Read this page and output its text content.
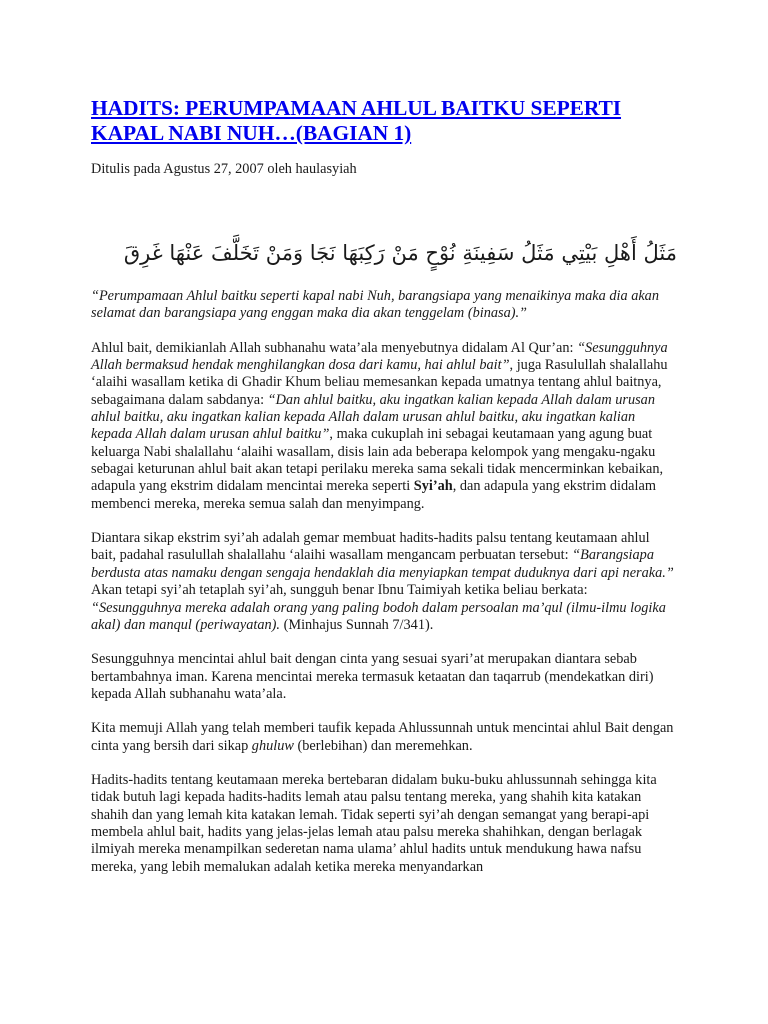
HADITS: PERUMPAMAAN AHLUL BAITKU SEPERTI KAPAL NABI NUH…(BAGIAN 1)
Ditulis pada Agustus 27, 2007 oleh haulasyiah
مَثَلُ أَهْلِ بَيْتِي مَثَلُ سَفِينَةِ نُوْحٍ مَنْ رَكِبَهَا نَجَا وَمَنْ تَخَلَّفَ عَنْهَا غَرِقَ

“Perumpamaan Ahlul baitku seperti kapal nabi Nuh, barangsiapa yang menaikinya maka dia akan selamat dan barangsiapa yang enggan maka dia akan tenggelam (binasa).”

Ahlul bait, demikianlah Allah subhanahu wata’ala menyebutnya didalam Al Qur’an: “Sesungguhnya Allah bermaksud hendak menghilangkan dosa dari kamu, hai ahlul bait”, juga Rasulullah shalallahu ‘alaihi wasallam ketika di Ghadir Khum beliau memesankan kepada umatnya tentang ahlul baitnya, sebagaimana dalam sabdanya: “Dan ahlul baitku, aku ingatkan kalian kepada Allah dalam urusan ahlul baitku, aku ingatkan kalian kepada Allah dalam urusan ahlul baitku, aku ingatkan kalian kepada Allah dalam urusan ahlul baitku”, maka cukuplah ini sebagai keutamaan yang agung buat keluarga Nabi shalallahu ‘alaihi wasallam, disis lain ada beberapa kelompok yang mengaku-ngaku sebagai keturunan ahlul bait akan tetapi perilaku mereka sama sekali tidak mencerminkan kebaikan, adapula yang ekstrim didalam mencintai mereka seperti Syi’ah, dan adapula yang ekstrim didalam membenci mereka, mereka semua salah dan menyimpang.

Diantara sikap ekstrim syi’ah adalah gemar membuat hadits-hadits palsu tentang keutamaan ahlul bait, padahal rasulullah shalallahu ‘alaihi wasallam mengancam perbuatan tersebut: “Barangsiapa berdusta atas namaku dengan sengaja hendaklah dia menyiapkan tempat duduknya dari api neraka.” Akan tetapi syi’ah tetaplah syi’ah, sungguh benar Ibnu Taimiyah ketika beliau berkata: “Sesungguhnya mereka adalah orang yang paling bodoh dalam persoalan ma’qul (ilmu-ilmu logika akal) dan manqul (periwayatan). (Minhajus Sunnah 7/341).

Sesungguhnya mencintai ahlul bait dengan cinta yang sesuai syari’at merupakan diantara sebab bertambahnya iman. Karena mencintai mereka termasuk ketaatan dan taqarrub (mendekatkan diri) kepada Allah subhanahu wata’ala.

Kita memuji Allah yang telah memberi taufik kepada Ahlussunnah untuk mencintai ahlul Bait dengan cinta yang bersih dari sikap ghuluw (berlebihan) dan meremehkan.

Hadits-hadits tentang keutamaan mereka bertebaran didalam buku-buku ahlussunnah sehingga kita tidak butuh lagi kepada hadits-hadits lemah atau palsu tentang mereka, yang shahih kita katakan shahih dan yang lemah kita katakan lemah. Tidak seperti syi’ah dengan semangat yang berapi-api membela ahlul bait, hadits yang jelas-jelas lemah atau palsu mereka shahihkan, dengan berlagak ilmiyah mereka menampilkan sederetan nama ulama’ ahlul hadits untuk mendukung hawa nafsu mereka, yang lebih memalukan adalah ketika mereka menyandarkan
